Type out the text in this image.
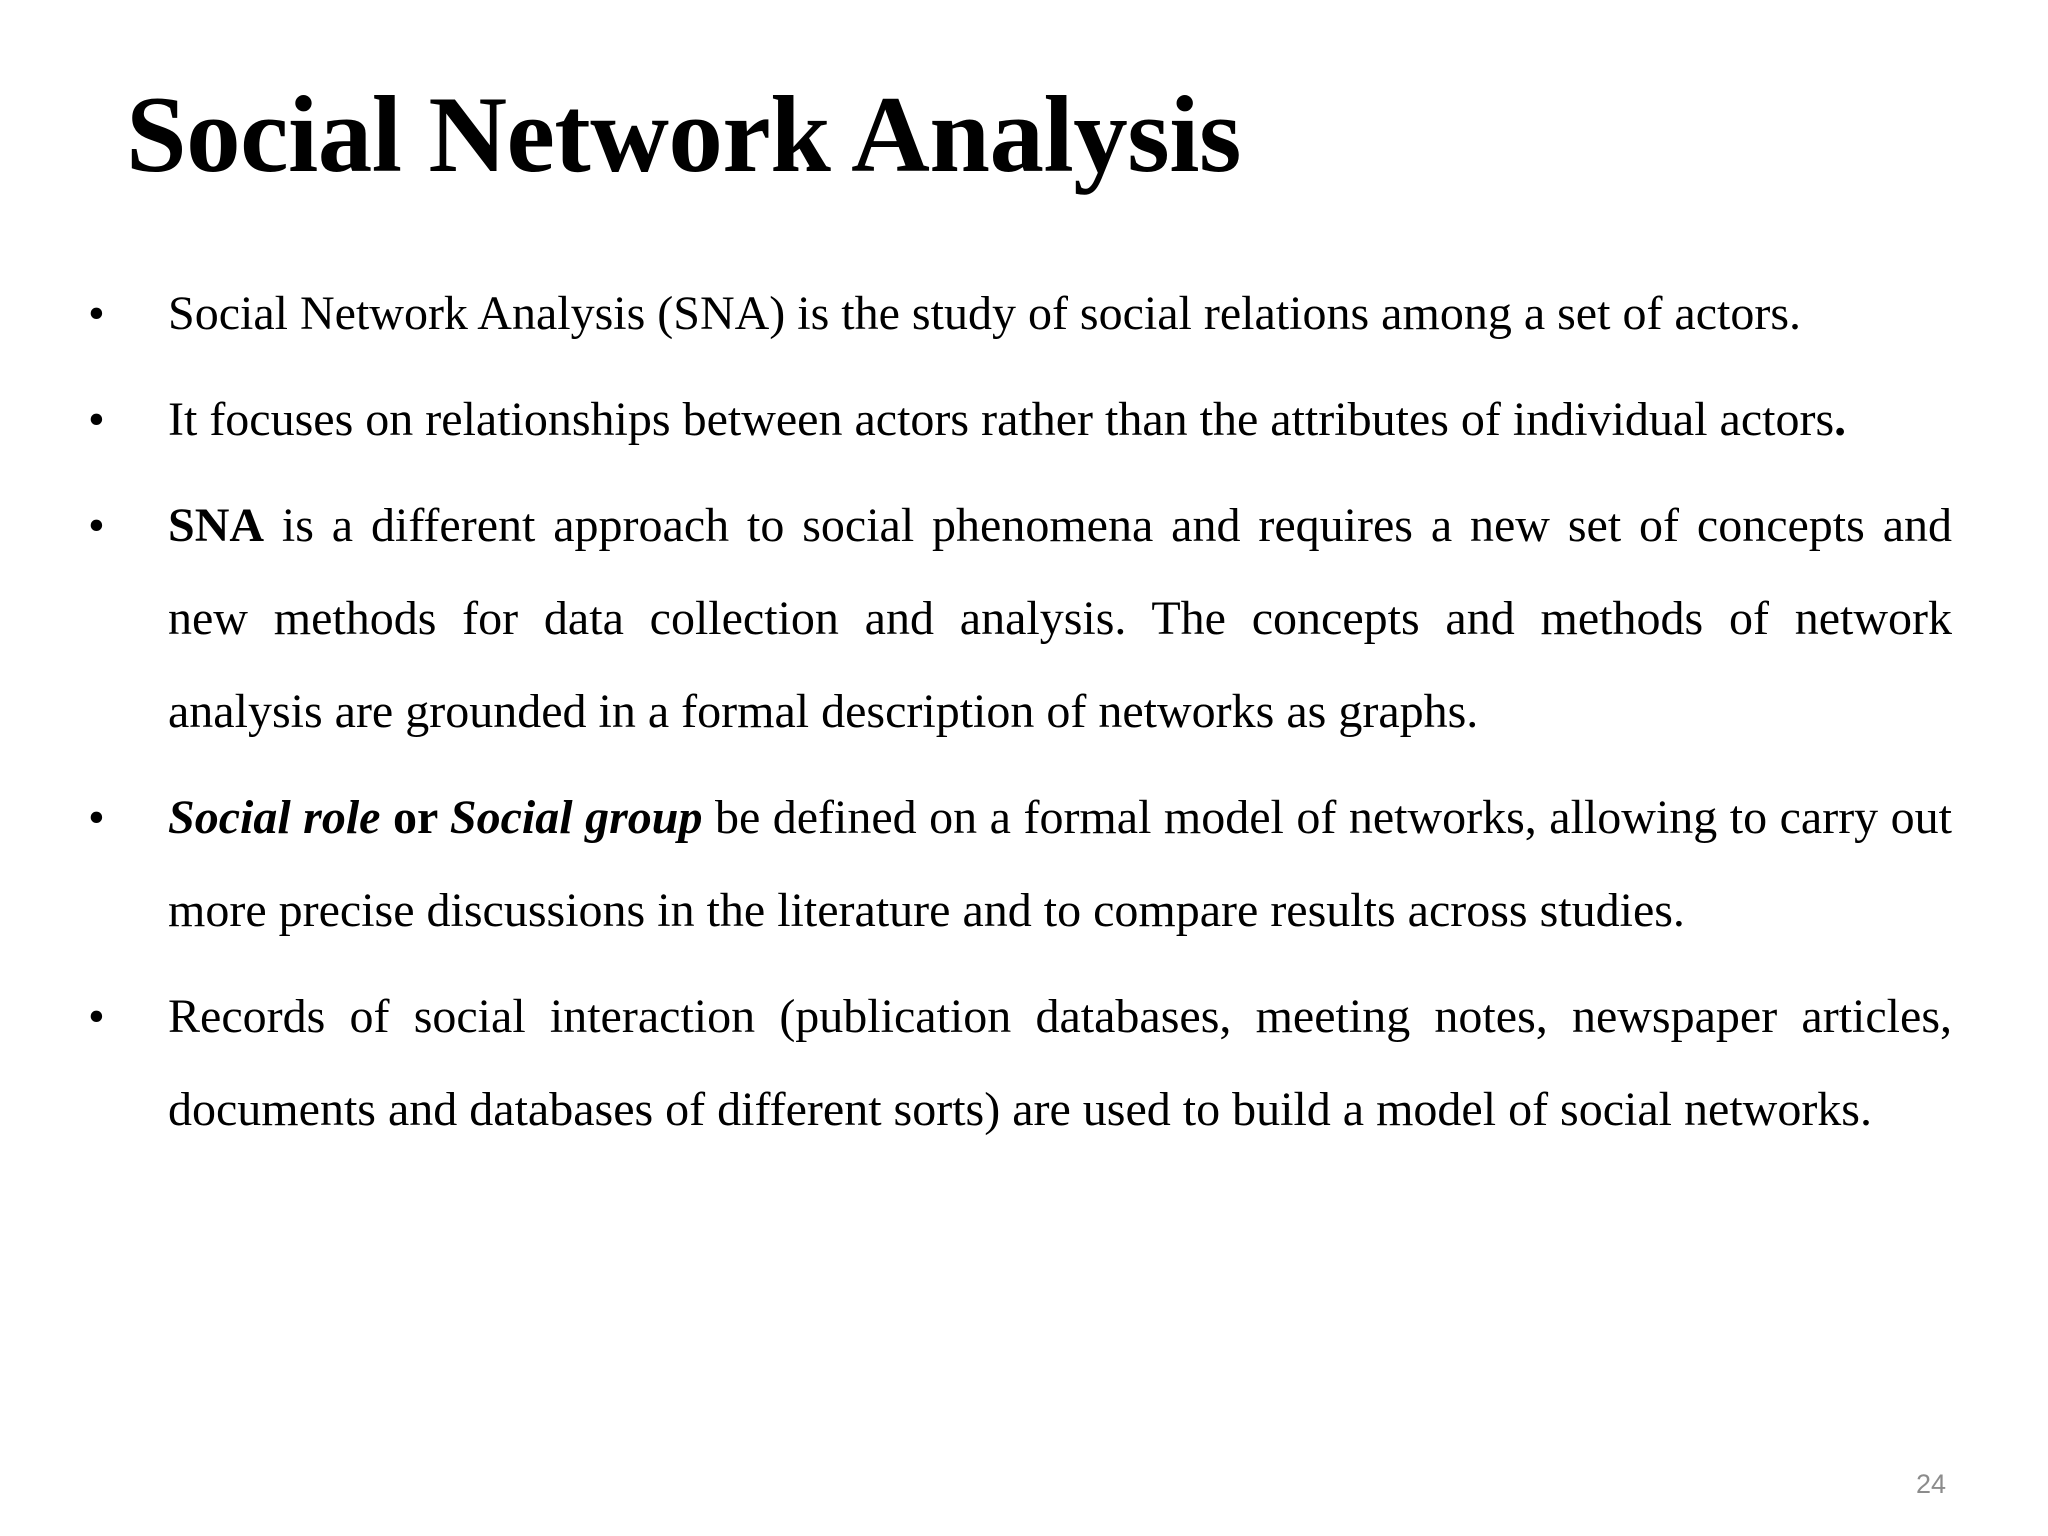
Social Network Analysis
• Social Network Analysis (SNA) is the study of social relations among a set of actors.
• It focuses on relationships between actors rather than the attributes of individual actors.
• SNA is a different approach to social phenomena and requires a new set of concepts and new methods for data collection and analysis. The concepts and methods of network analysis are grounded in a formal description of networks as graphs.
• Social role or Social group be defined on a formal model of networks, allowing to carry out more precise discussions in the literature and to compare results across studies.
• Records of social interaction (publication databases, meeting notes, newspaper articles, documents and databases of different sorts) are used to build a model of social networks.
24
